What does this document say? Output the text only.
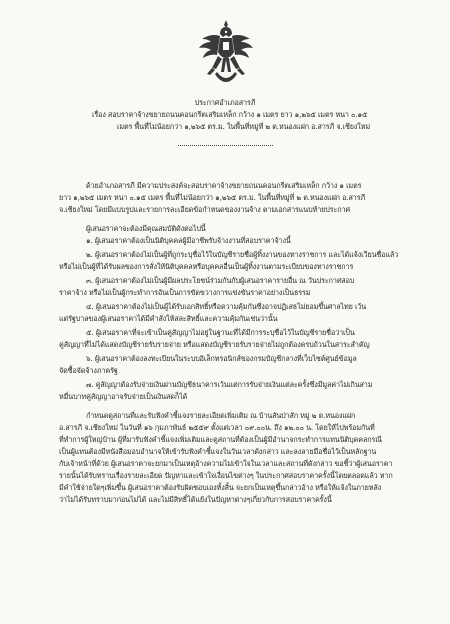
ประกาศอำเภอสารภี
เรื่อง สอบราคาจ้างขยายถนนคอนกรีตเสริมเหล็ก กว้าง ๑ เมตร ยาว ๑,๒๖๕ เมตร หนา ๐.๑๕
เมตร พื้นที่ไม่น้อยกว่า ๑,๒๖๕ ตร.ม. ในพื้นที่หมู่ที่ ๒ ต.หนองแฝก อ.สารภี จ.เชียงใหม่
ด้วยอำเภอสารภี มีความประสงค์จะสอบราคาจ้างขยายถนนคอนกรีตเสริมเหล็ก กว้าง ๑ เมตร
ยาว ๑,๒๖๕ เมตร หนา ๐.๑๕ เมตร พื้นที่ไม่น้อยกว่า ๑,๒๖๕ ตร.ม. ในพื้นที่หมู่ที่ ๒ ต.หนองแฝก อ.สารภี
จ.เชียงใหม่ โดยมีแบบรูปและรายการละเอียดข้อกำหนดของงานจ้าง ตามเอกสารแนบท้ายประกาศ
ผู้เสนอราคาจะต้องมีคุณสมบัติดังต่อไปนี้
๑. ผู้เสนอราคาต้องเป็นนิติบุคคลผู้มีอาชีพรับจ้างงานที่สอบราคาจ้างนี้
๒. ผู้เสนอราคาต้องไม่เป็นผู้ที่ถูกระบุชื่อไว้ในบัญชีรายชื่อผู้ทิ้งงานของทางราชการ และได้แจ้งเวียนชื่อแล้ว
หรือไม่เป็นผู้ที่ได้รับผลของการสั่งให้นิติบุคคลหรือบุคคลอื่นเป็นผู้ทิ้งงานตามระเบียบของทางราชการ
๓. ผู้เสนอราคาต้องไม่เป็นผู้มีผลประโยชน์ร่วมกันกับผู้เสนอราคารายอื่น ณ วันประกาศสอบ
ราคาจ้าง หรือไม่เป็นผู้กระทำการอันเป็นการขัดขวางการแข่งขันราคาอย่างเป็นธรรม
๔. ผู้เสนอราคาต้องไม่เป็นผู้ได้รับเอกสิทธิ์หรือความคุ้มกันซึ่งอาจปฏิเสธไม่ยอมขึ้นศาลไทย เว้น
แต่รัฐบาลของผู้เสนอราคาได้มีคำสั่งให้สละสิทธิ์และความคุ้มกันเช่นว่านั้น
๕. ผู้เสนอราคาที่จะเข้าเป็นคู่สัญญาไม่อยู่ในฐานะที่ได้มีการระบุชื่อไว้ในบัญชีรายชื่อว่าเป็น
คู่สัญญาที่ไม่ได้แสดงบัญชีรายรับรายจ่าย หรือแสดงบัญชีรายรับรายจ่ายไม่ถูกต้องครบถ้วนในสาระสำคัญ
๖. ผู้เสนอราคาต้องลงทะเบียนในระบบอิเล็กทรอนิกส์ของกรมบัญชีกลางที่เว็บไซต์ศูนย์ข้อมูล
จัดซื้อจัดจ้างภาครัฐ
๗. คู่สัญญาต้องรับจ่ายเงินผ่านบัญชีธนาคารเว้นแต่การรับจ่ายเงินแต่ละครั้งซึ่งมีมูลค่าไม่เกินสาม
หมื่นบาทคู่สัญญาอาจรับจ่ายเป็นเงินสดก็ได้
กำหนดดูสถานที่และรับฟังคำชี้แจงรายละเอียดเพิ่มเติม ณ บ้านสันป่าสัก หมู่ ๒ ต.หนองแฝก
อ.สารภี จ.เชียงใหม่ ในวันที่ ๑๖ กุมภาพันธ์ ๒๕๕๙ ตั้งแต่เวลา ๐๙.๐๐น. ถึง ๑๒.๐๐ น. โดยให้ไปพร้อมกันที่
ที่ทำการผู้ใหญ่บ้าน ผู้ที่มารับฟังคำชี้แจงเพิ่มเติมและดูสถานที่ต้องเป็นผู้มีอำนาจกระทำการแทนนิติบุคคลกรณี
เป็นผู้แทนต้องมีหนังสือมอบอำนาจให้เข้ารับฟังคำชี้แจงในวันเวลาดังกล่าว และลงลายมือชื่อไว้เป็นหลักฐาน
กับเจ้าหน้าที่ด้วย ผู้เสนอราคาจะยกมาเป็นเหตุอ้างความไม่เข้าใจในเวลาและสถานที่ดังกล่าว ขอชี้ว่าผู้เสนอราคา
รายนั้นได้รับทราบเรื่องรายละเอียด ปัญหาและเข้าใจเงื่อนไขต่างๆ ในประกาศสอบราคาครั้งนี้โดยตลอดแล้ว หาก
มีคำใช้จ่ายใดๆเพิ่มขึ้น ผู้เสนอราคาต้องรับผิดชอบเองทั้งสิ้น จะยกเป็นเหตุขึ้นกล่าวอ้าง หรือให้แจ้งในภายหลัง
ว่าไม่ได้รับทราบมาก่อนไม่ได้ และไม่มีสิทธิ์โต้แย้งในปัญหาต่างๆเกี่ยวกับการสอบราคาครั้งนี้
